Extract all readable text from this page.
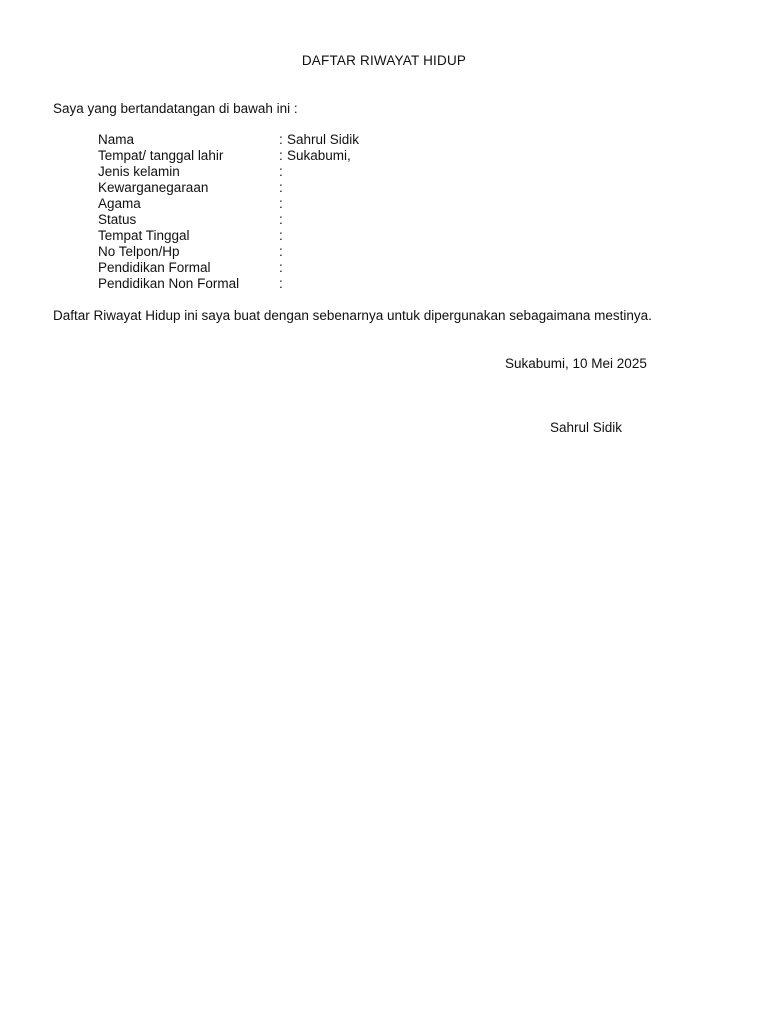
DAFTAR RIWAYAT HIDUP
Saya yang bertandatangan di bawah ini :
Nama	: Sahrul Sidik
Tempat/ tanggal lahir	: Sukabumi,
Jenis kelamin	:
Kewarganegaraan	:
Agama	:
Status	:
Tempat Tinggal	:
No Telpon/Hp	:
Pendidikan Formal	:
Pendidikan Non Formal	:
Daftar Riwayat Hidup ini saya buat dengan sebenarnya untuk dipergunakan sebagaimana mestinya.
Sukabumi, 10 Mei 2025
Sahrul Sidik
